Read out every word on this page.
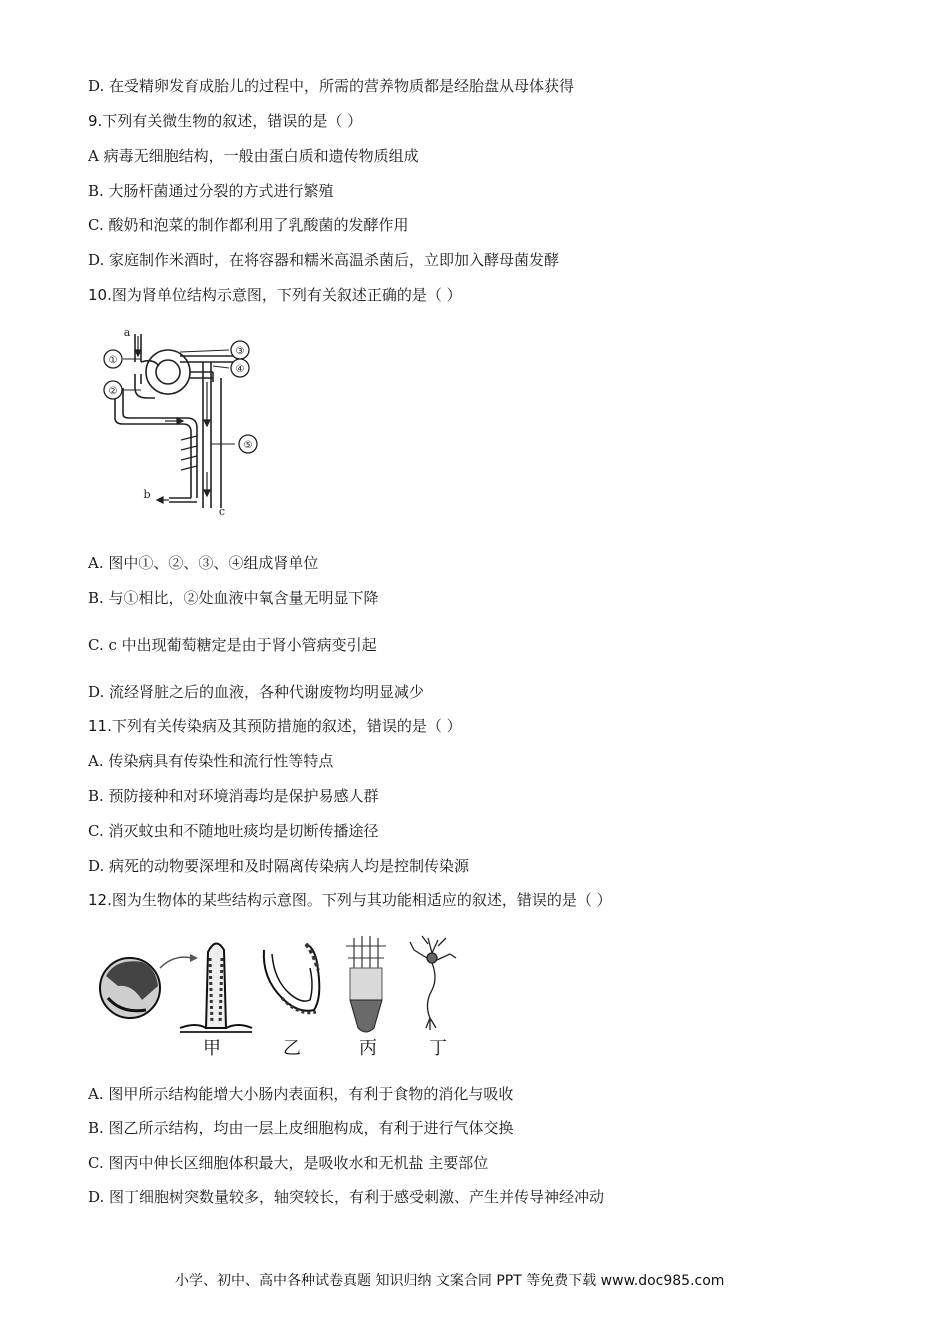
D. 在受精卵发育成胎儿的过程中，所需的营养物质都是经胎盘从母体获得
9.下列有关微生物的叙述，错误的是（ ）
A 病毒无细胞结构，一般由蛋白质和遗传物质组成
B. 大肠杆菌通过分裂的方式进行繁殖
C. 酸奶和泡菜的制作都利用了乳酸菌的发酵作用
D. 家庭制作米酒时，在将容器和糯米高温杀菌后，立即加入酵母菌发酵
10.图为肾单位结构示意图，下列有关叙述正确的是（ ）
a
b
c
①
②
③
④
⑤
A. 图中①、②、③、④组成肾单位
B. 与①相比，②处血液中氧含量无明显下降
C. c 中出现葡萄糖定是由于肾小管病变引起
D. 流经肾脏之后的血液，各种代谢废物均明显减少
11.下列有关传染病及其预防措施的叙述，错误的是（ ）
A. 传染病具有传染性和流行性等特点
B. 预防接种和对环境消毒均是保护易感人群
C. 消灭蚊虫和不随地吐痰均是切断传播途径
D. 病死的动物要深埋和及时隔离传染病人均是控制传染源
12.图为生物体的某些结构示意图。下列与其功能相适应的叙述，错误的是（ ）
甲	乙	丙	丁
A. 图甲所示结构能增大小肠内表面积，有利于食物的消化与吸收
B. 图乙所示结构，均由一层上皮细胞构成，有利于进行气体交换
C. 图丙中伸长区细胞体积最大，是吸收水和无机盐 主要部位
D. 图丁细胞树突数量较多，轴突较长，有利于感受刺激、产生并传导神经冲动
小学、初中、高中各种试卷真题 知识归纳 文案合同 PPT 等免费下载 www.doc985.com
